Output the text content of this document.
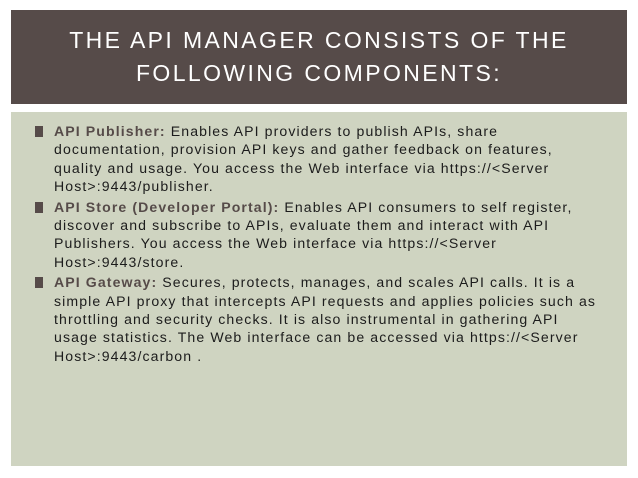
THE API MANAGER CONSISTS OF THE FOLLOWING COMPONENTS:
API Publisher: Enables API providers to publish APIs, share documentation, provision API keys and gather feedback on features, quality and usage. You access the Web interface via https://<Server Host>:9443/publisher.
API Store (Developer Portal): Enables API consumers to self register, discover and subscribe to APIs, evaluate them and interact with API Publishers. You access the Web interface via https://<Server Host>:9443/store.
API Gateway: Secures, protects, manages, and scales API calls. It is a simple API proxy that intercepts API requests and applies policies such as throttling and security checks. It is also instrumental in gathering API usage statistics. The Web interface can be accessed via https://<Server Host>:9443/carbon .
